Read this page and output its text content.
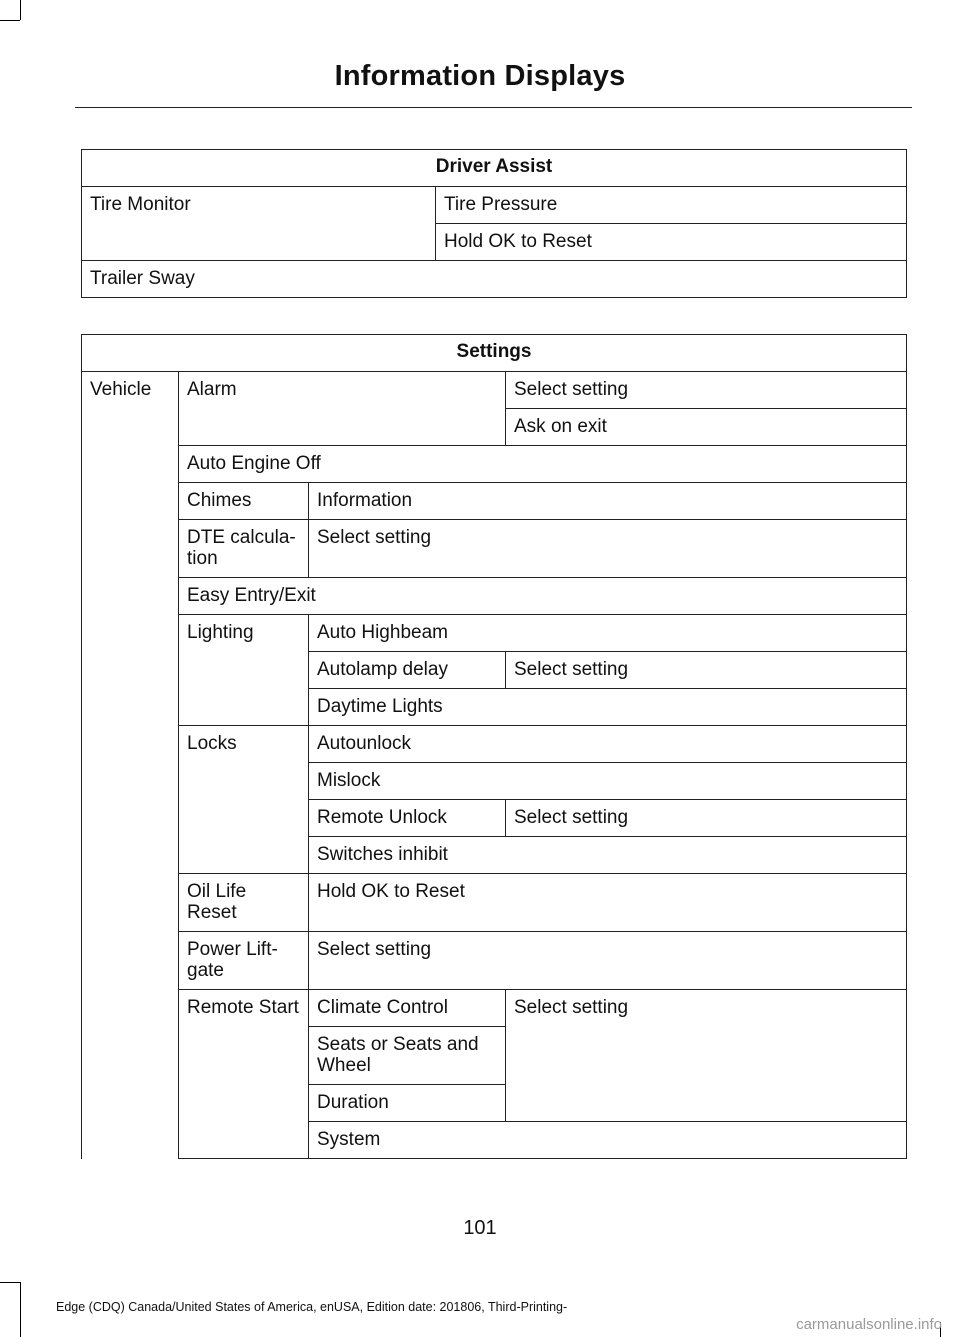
Information Displays
Driver Assist
Tire Monitor	Tire Pressure
Hold OK to Reset
Trailer Sway
Settings			
Vehicle	Alarm		Select setting
			Ask on exit
	Auto Engine Off		
	Chimes	Information	
	DTE calcula-tion	Select setting	
	Easy Entry/Exit		
	Lighting	Auto Highbeam	
		Autolamp delay	Select setting
		Daytime Lights	
	Locks	Autounlock	
		Mislock	
		Remote Unlock	Select setting
		Switches inhibit	
	Oil Life Reset	Hold OK to Reset	
	Power Lift-gate	Select setting	
	Remote Start	Climate Control	Select setting
		Seats or Seats and Wheel	
		Duration	
		System	
101
Edge (CDQ) Canada/United States of America, enUSA, Edition date: 201806, Third-Printing-
carmanualsonline.info
